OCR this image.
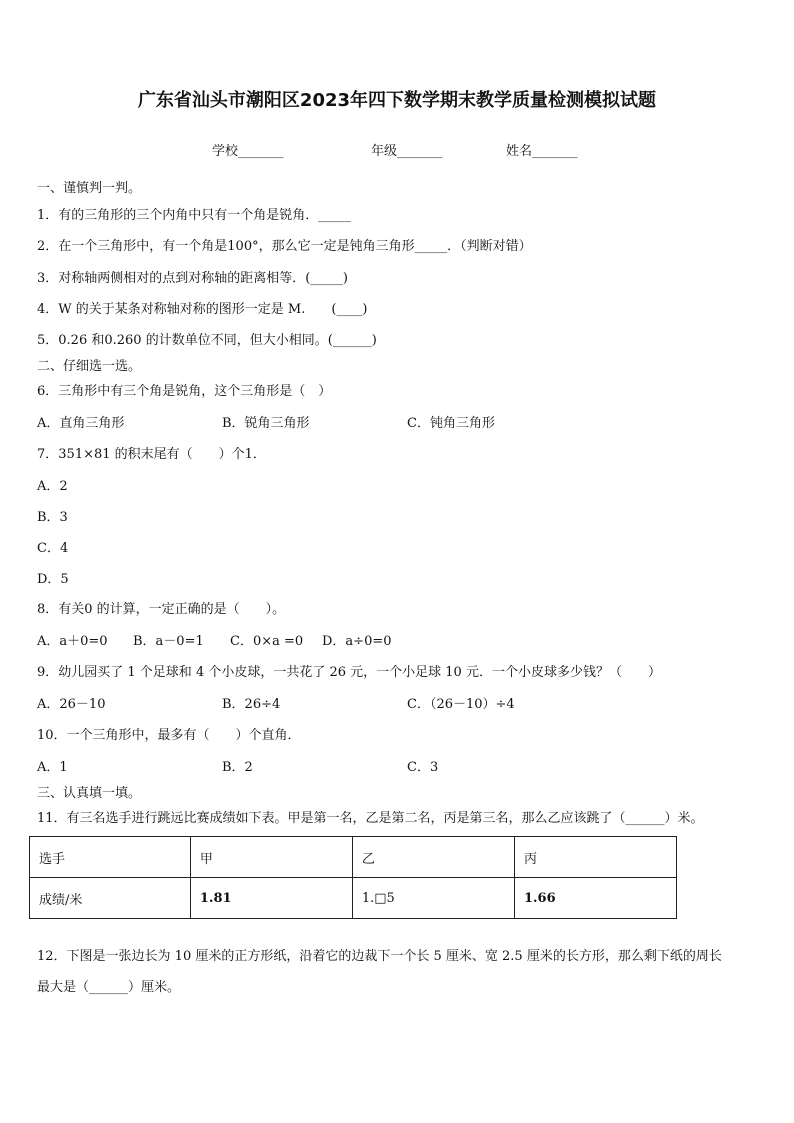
广东省汕头市潮阳区2023年四下数学期末教学质量检测模拟试题
学校_______	年级_______	姓名_______
一、谨慎判一判。
1．有的三角形的三个内角中只有一个角是锐角．_____
2．在一个三角形中，有一个角是100°，那么它一定是钝角三角形_____．（判断对错）
3．对称轴两侧相对的点到对称轴的距离相等．(_____)
4．W 的关于某条对称轴对称的图形一定是 M.　　(____)
5．0.26 和0.260 的计数单位不同，但大小相同。(______)
二、仔细选一选。
6．三角形中有三个角是锐角，这个三角形是（　）
A．直角三角形	B．锐角三角形	C．钝角三角形
7．351×81 的积末尾有（　　）个1．
A．2
B．3
C．4
D．5
8．有关0 的计算，一定正确的是（　　）。
A．a＋0=0 B．a－0=1 C．0×a =0 D．a÷0=0
9．幼儿园买了 1 个足球和 4 个小皮球，一共花了 26 元，一个小足球 10 元．一个小皮球多少钱？（　　）
A．26－10	B．26÷4	C．（26－10）÷4
10．一个三角形中，最多有（　　）个直角．
A．1	B．2	C．3
三、认真填一填。
11．有三名选手进行跳远比赛成绩如下表。甲是第一名，乙是第二名，丙是第三名，那么乙应该跳了（______）米。
选手	甲	乙	丙
成绩/米	1.81	1.□5	1.66
12．下图是一张边长为 10 厘米的正方形纸，沿着它的边裁下一个长 5 厘米、宽 2.5 厘米的长方形，那么剩下纸的周长
最大是（______）厘米。
